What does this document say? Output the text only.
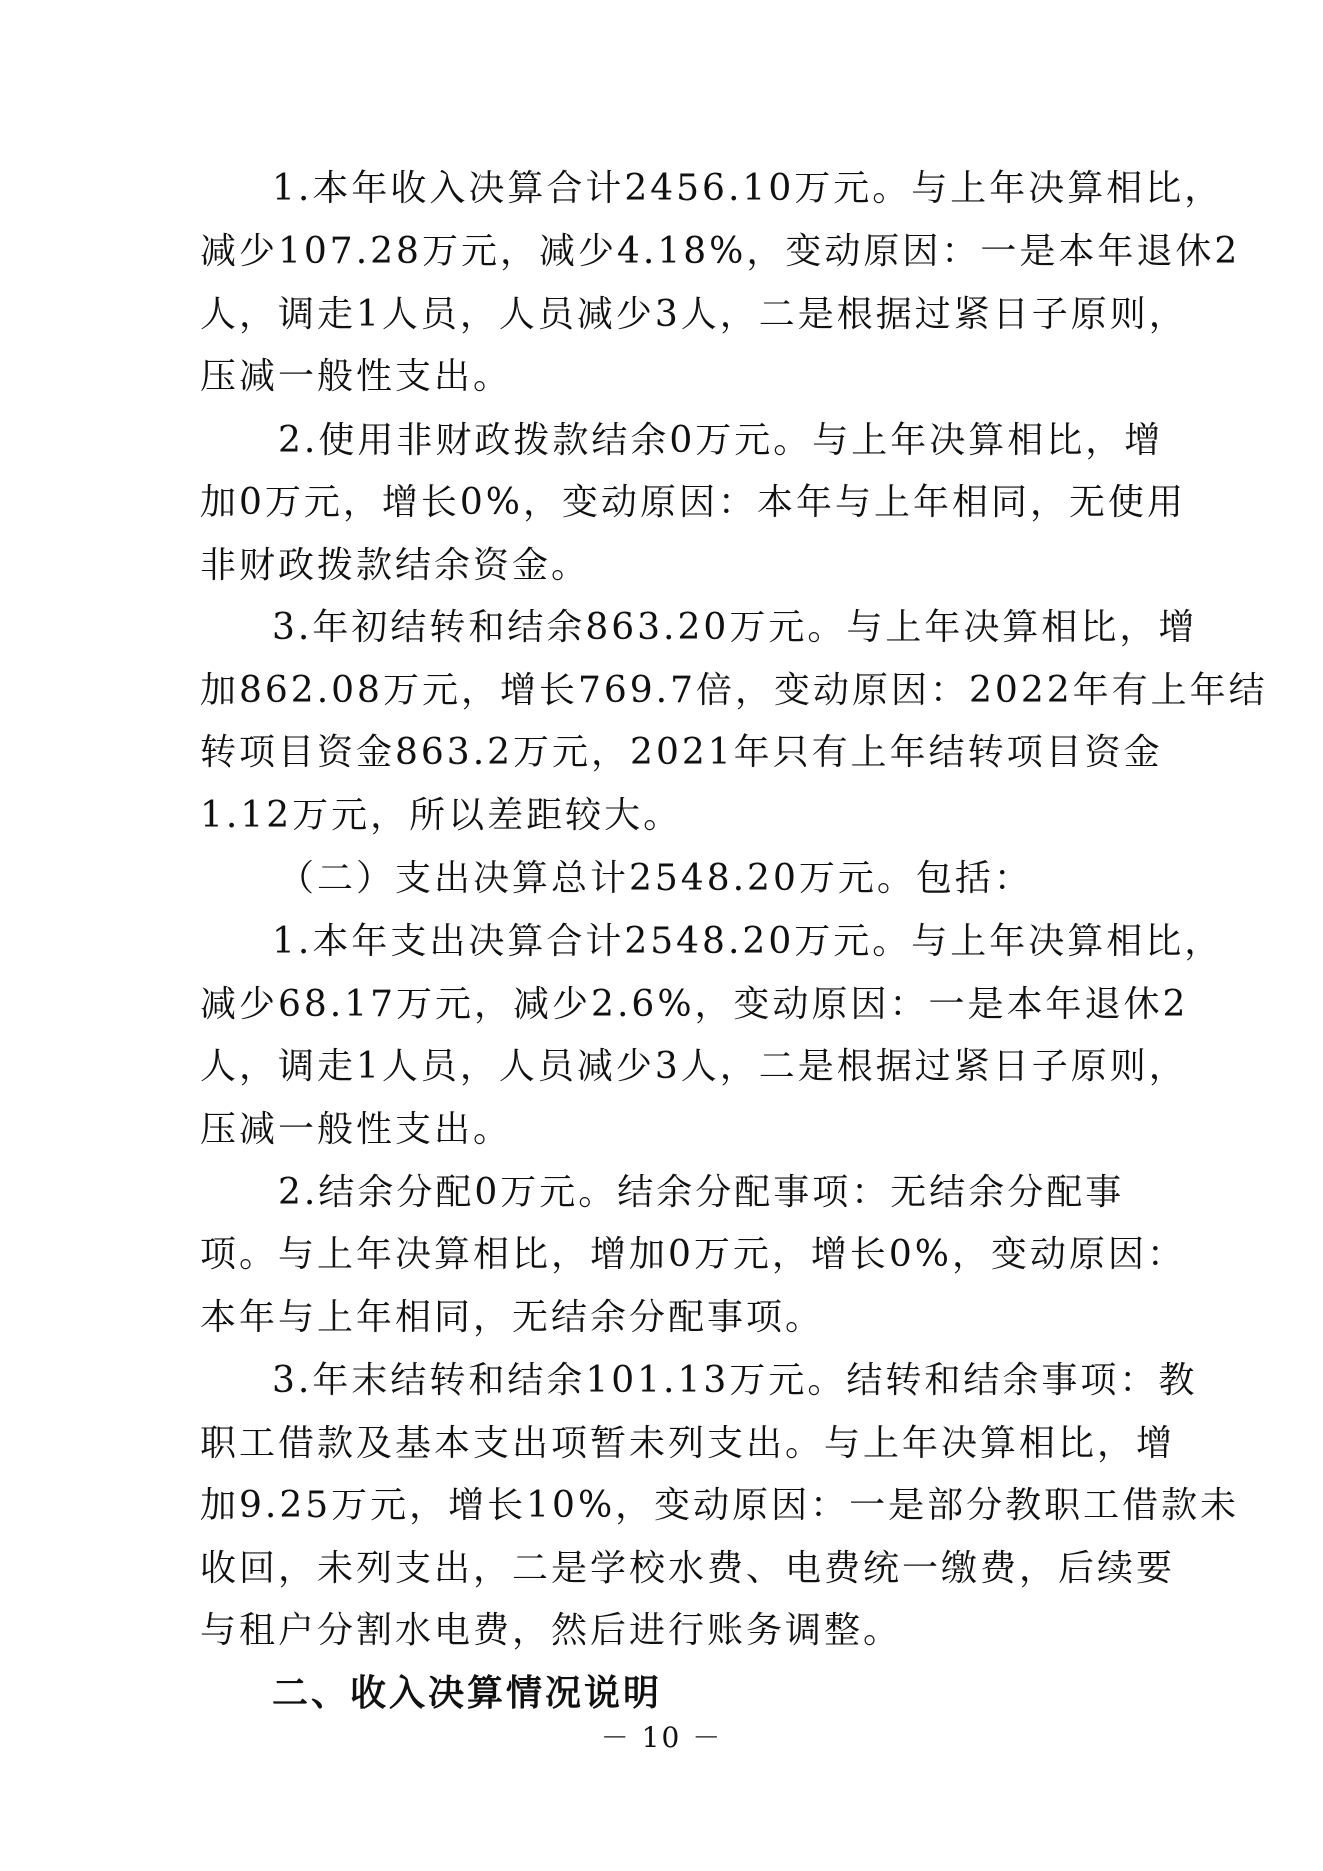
1.本年收入决算合计2456.10万元。与上年决算相比，
减少107.28万元，减少4.18%，变动原因：一是本年退休2
人，调走1人员，人员减少3人，二是根据过紧日子原则，
压减一般性支出。
2.使用非财政拨款结余0万元。与上年决算相比，增
加0万元，增长0%，变动原因：本年与上年相同，无使用
非财政拨款结余资金。
3.年初结转和结余863.20万元。与上年决算相比，增
加862.08万元，增长769.7倍，变动原因：2022年有上年结
转项目资金863.2万元，2021年只有上年结转项目资金
1.12万元，所以差距较大。
（二）支出决算总计2548.20万元。包括：
1.本年支出决算合计2548.20万元。与上年决算相比，
减少68.17万元，减少2.6%，变动原因：一是本年退休2
人，调走1人员，人员减少3人，二是根据过紧日子原则，
压减一般性支出。
2.结余分配0万元。结余分配事项：无结余分配事
项。与上年决算相比，增加0万元，增长0%，变动原因：
本年与上年相同，无结余分配事项。
3.年末结转和结余101.13万元。结转和结余事项：教
职工借款及基本支出项暂未列支出。与上年决算相比，增
加9.25万元，增长10%，变动原因：一是部分教职工借款未
收回，未列支出，二是学校水费、电费统一缴费，后续要
与租户分割水电费，然后进行账务调整。
二、收入决算情况说明
－ 10 －
